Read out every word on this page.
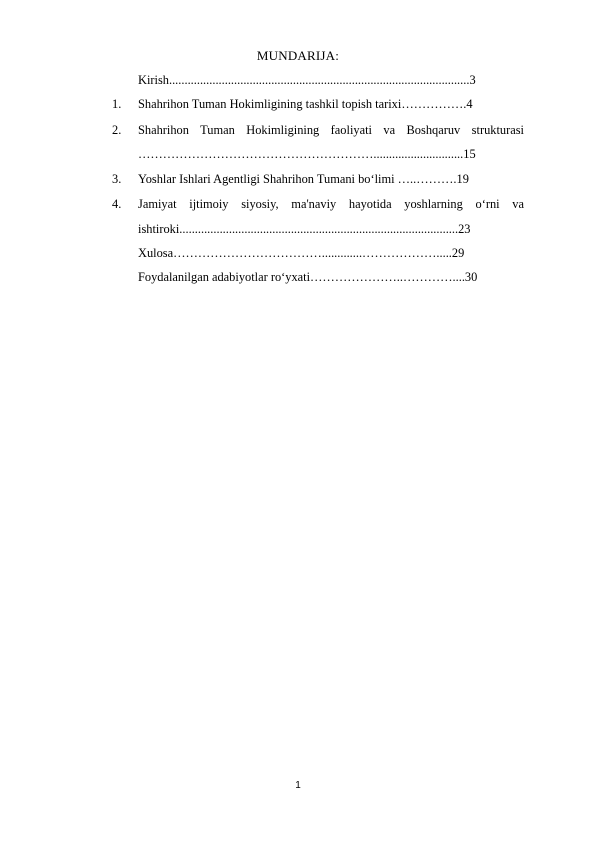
MUNDARIJA:
Kirish.................................................................................................3
1. Shahrihon Tuman Hokimligining tashkil topish tarixi…………….4
2. Shahrihon Tuman Hokimligining faoliyati va Boshqaruv strukturasi
………………………………………………….............................15
3. Yoshlar Ishlari Agentligi Shahrihon Tumani bo‘limi …..……….19
4. Jamiyat ijtimoiy siyosiy, ma'naviy hayotida yoshlarning o‘rni va
ishtiroki..........................................................................................23
Xulosa……………………………….............……………….....29
Foydalanilgan adabiyotlar ro‘yxati…………………..…………....30
1
